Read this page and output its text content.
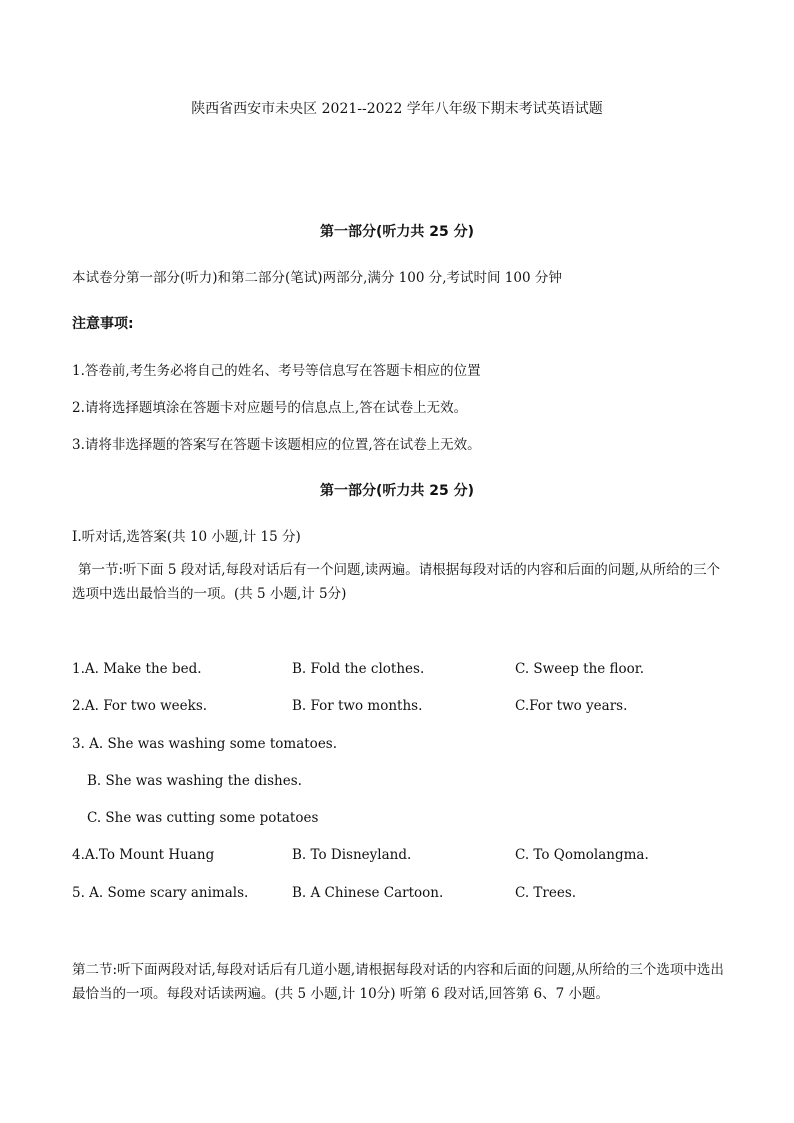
陕西省西安市未央区 2021--2022 学年八年级下期末考试英语试题
第一部分(听力共 25 分)
本试卷分第一部分(听力)和第二部分(笔试)两部分,满分 100 分,考试时间 100 分钟
注意事项:
1.答卷前,考生务必将自己的姓名、考号等信息写在答题卡相应的位置
2.请将选择题填涂在答题卡对应题号的信息点上,答在试卷上无效。
3.请将非选择题的答案写在答题卡该题相应的位置,答在试卷上无效。
第一部分(听力共 25 分)
I.听对话,选答案(共 10 小题,计 15 分)
第一节:听下面 5 段对话,每段对话后有一个问题,读两遍。请根据每段对话的内容和后面的问题,从所给的三个选项中选出最恰当的一项。(共 5 小题,计 5分)
1.A. Make the bed.	B. Fold the clothes.	C. Sweep the floor.
2.A. For two weeks.	B. For two months.	C.For two years.
3. A. She was washing some tomatoes.
B. She was washing the dishes.
C. She was cutting some potatoes
4.A.To Mount Huang	B. To Disneyland.	C. To Qomolangma.
5. A. Some scary animals.	B. A Chinese Cartoon.	C. Trees.
第二节:听下面两段对话,每段对话后有几道小题,请根据每段对话的内容和后面的问题,从所给的三个选项中选出最恰当的一项。每段对话读两遍。(共 5 小题,计 10分) 听第 6 段对话,回答第 6、7 小题。
